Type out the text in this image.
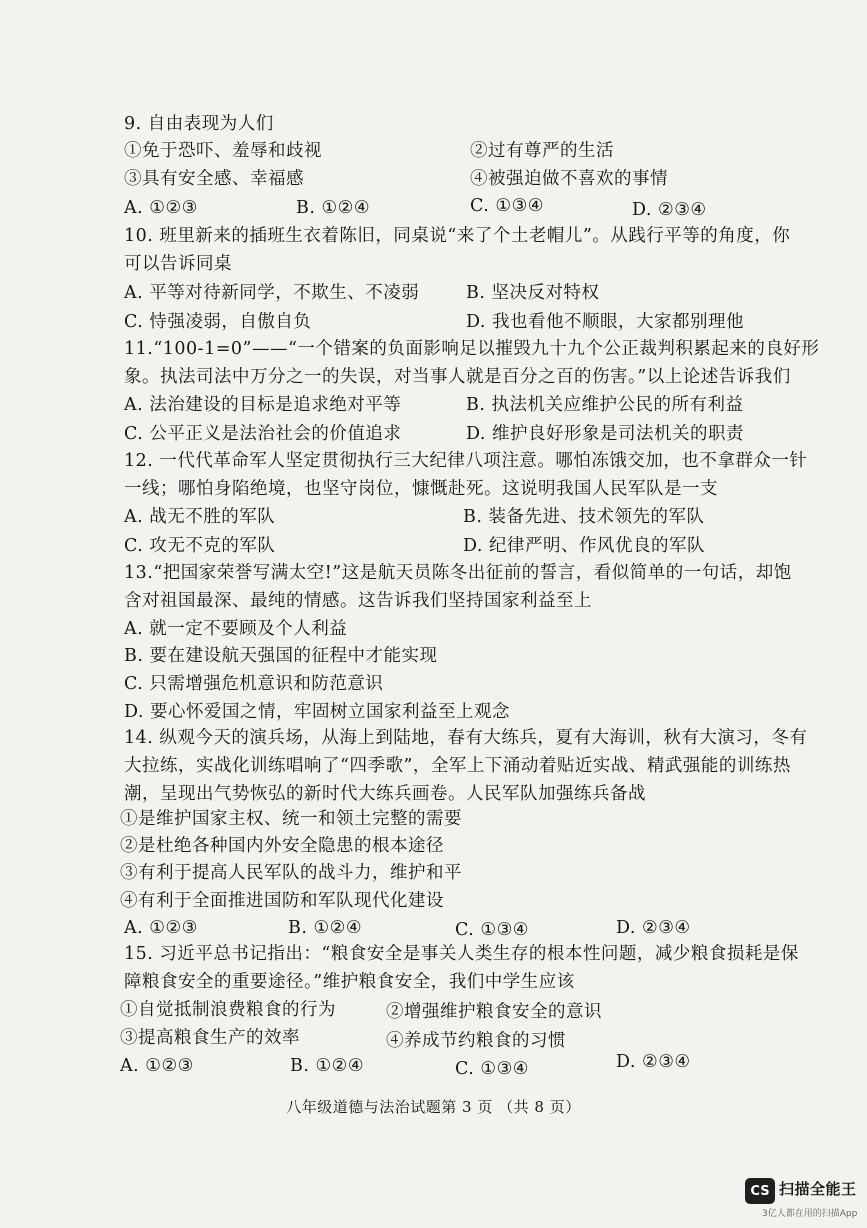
9. 自由表现为人们
①免于恐吓、羞辱和歧视	②过有尊严的生活
③具有安全感、幸福感	④被强迫做不喜欢的事情
A. ①②③	B. ①②④	C. ①③④	D. ②③④
10. 班里新来的插班生衣着陈旧，同桌说“来了个土老帽儿”。从践行平等的角度，你
可以告诉同桌
A. 平等对待新同学，不欺生、不凌弱	B. 坚决反对特权
C. 恃强凌弱，自傲自负	D. 我也看他不顺眼，大家都别理他
11.“100-1=0”——“一个错案的负面影响足以摧毁九十九个公正裁判积累起来的良好形
象。执法司法中万分之一的失误，对当事人就是百分之百的伤害。”以上论述告诉我们
A. 法治建设的目标是追求绝对平等	B. 执法机关应维护公民的所有利益
C. 公平正义是法治社会的价值追求	D. 维护良好形象是司法机关的职责
12. 一代代革命军人坚定贯彻执行三大纪律八项注意。哪怕冻饿交加，也不拿群众一针
一线；哪怕身陷绝境，也坚守岗位，慷慨赴死。这说明我国人民军队是一支
A. 战无不胜的军队	B. 装备先进、技术领先的军队
C. 攻无不克的军队	D. 纪律严明、作风优良的军队
13.“把国家荣誉写满太空!”这是航天员陈冬出征前的誓言，看似简单的一句话，却饱
含对祖国最深、最纯的情感。这告诉我们坚持国家利益至上
A. 就一定不要顾及个人利益
B. 要在建设航天强国的征程中才能实现
C. 只需增强危机意识和防范意识
D. 要心怀爱国之情，牢固树立国家利益至上观念
14. 纵观今天的演兵场，从海上到陆地，春有大练兵，夏有大海训，秋有大演习，冬有
大拉练，实战化训练唱响了“四季歌”，全军上下涌动着贴近实战、精武强能的训练热
潮，呈现出气势恢弘的新时代大练兵画卷。人民军队加强练兵备战
①是维护国家主权、统一和领土完整的需要
②是杜绝各种国内外安全隐患的根本途径
③有利于提高人民军队的战斗力，维护和平
④有利于全面推进国防和军队现代化建设
A. ①②③	B. ①②④	C. ①③④	D. ②③④
15. 习近平总书记指出：“粮食安全是事关人类生存的根本性问题，减少粮食损耗是保
障粮食安全的重要途径。”维护粮食安全，我们中学生应该
①自觉抵制浪费粮食的行为	②增强维护粮食安全的意识
③提高粮食生产的效率	④养成节约粮食的习惯
A. ①②③	B. ①②④	C. ①③④	D. ②③④
八年级道德与法治试题第 3 页 （共 8 页）
CS 扫描全能王
3亿人都在用的扫描App
